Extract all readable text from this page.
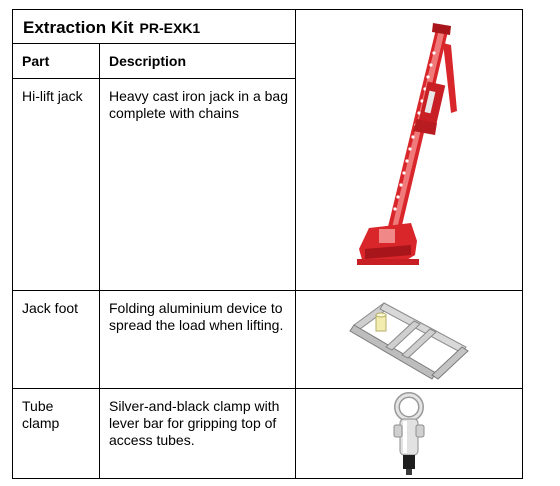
Extraction Kit PR-EXK1

Part	Description	

Hi-lift jack	Heavy cast iron jack in a bag complete with chains	

Jack foot	Folding aluminium device to spread the load when lifting.

Tube clamp	Silver-and-black clamp with lever bar for gripping top of access tubes.
